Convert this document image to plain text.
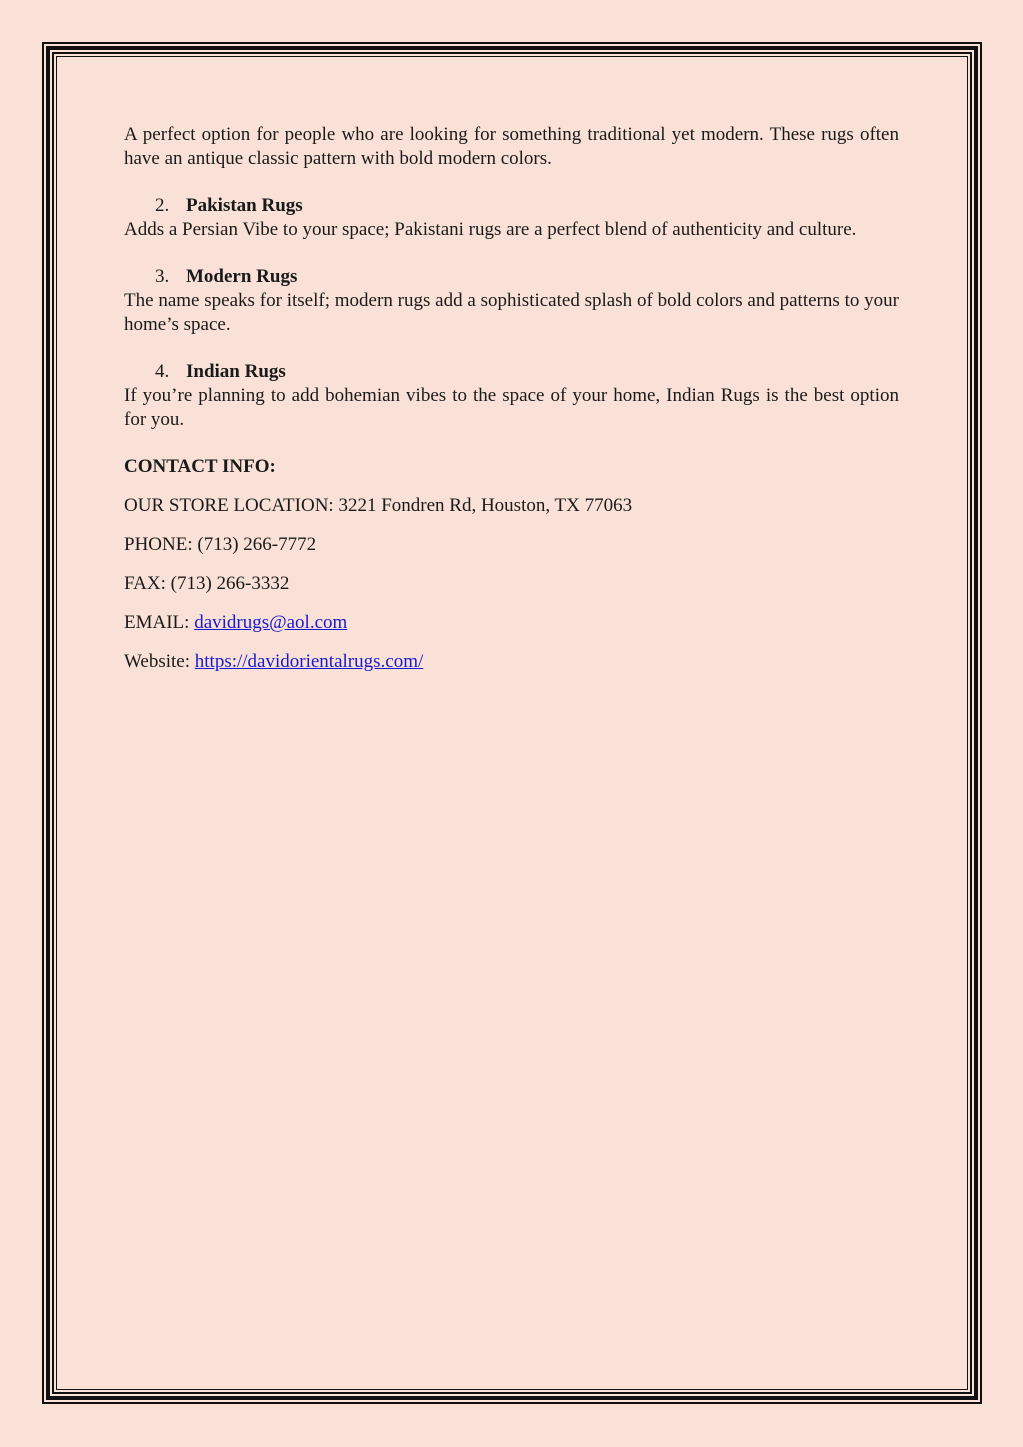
A perfect option for people who are looking for something traditional yet modern. These rugs often have an antique classic pattern with bold modern colors.

2. Pakistan Rugs

Adds a Persian Vibe to your space; Pakistani rugs are a perfect blend of authenticity and culture.

3. Modern Rugs

The name speaks for itself; modern rugs add a sophisticated splash of bold colors and patterns to your home’s space.

4. Indian Rugs

If you’re planning to add bohemian vibes to the space of your home, Indian Rugs is the best option for you.

CONTACT INFO:

OUR STORE LOCATION: 3221 Fondren Rd, Houston, TX 77063

PHONE: (713) 266-7772

FAX: (713) 266-3332

EMAIL: davidrugs@aol.com

Website: https://davidorientalrugs.com/
